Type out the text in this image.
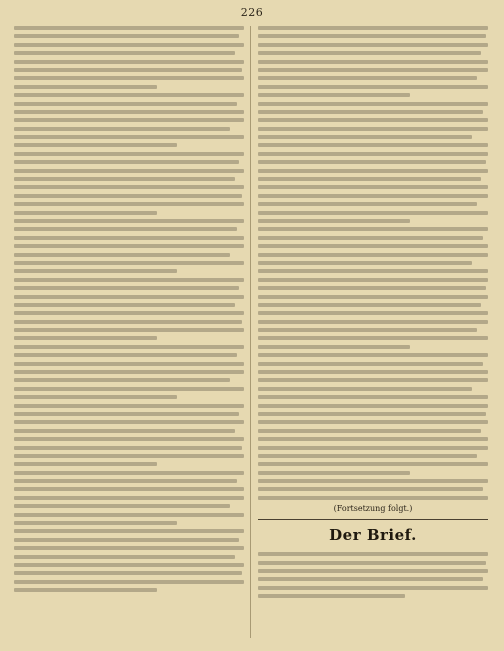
226
(Fortsetzung folgt.)
Der Brief.
